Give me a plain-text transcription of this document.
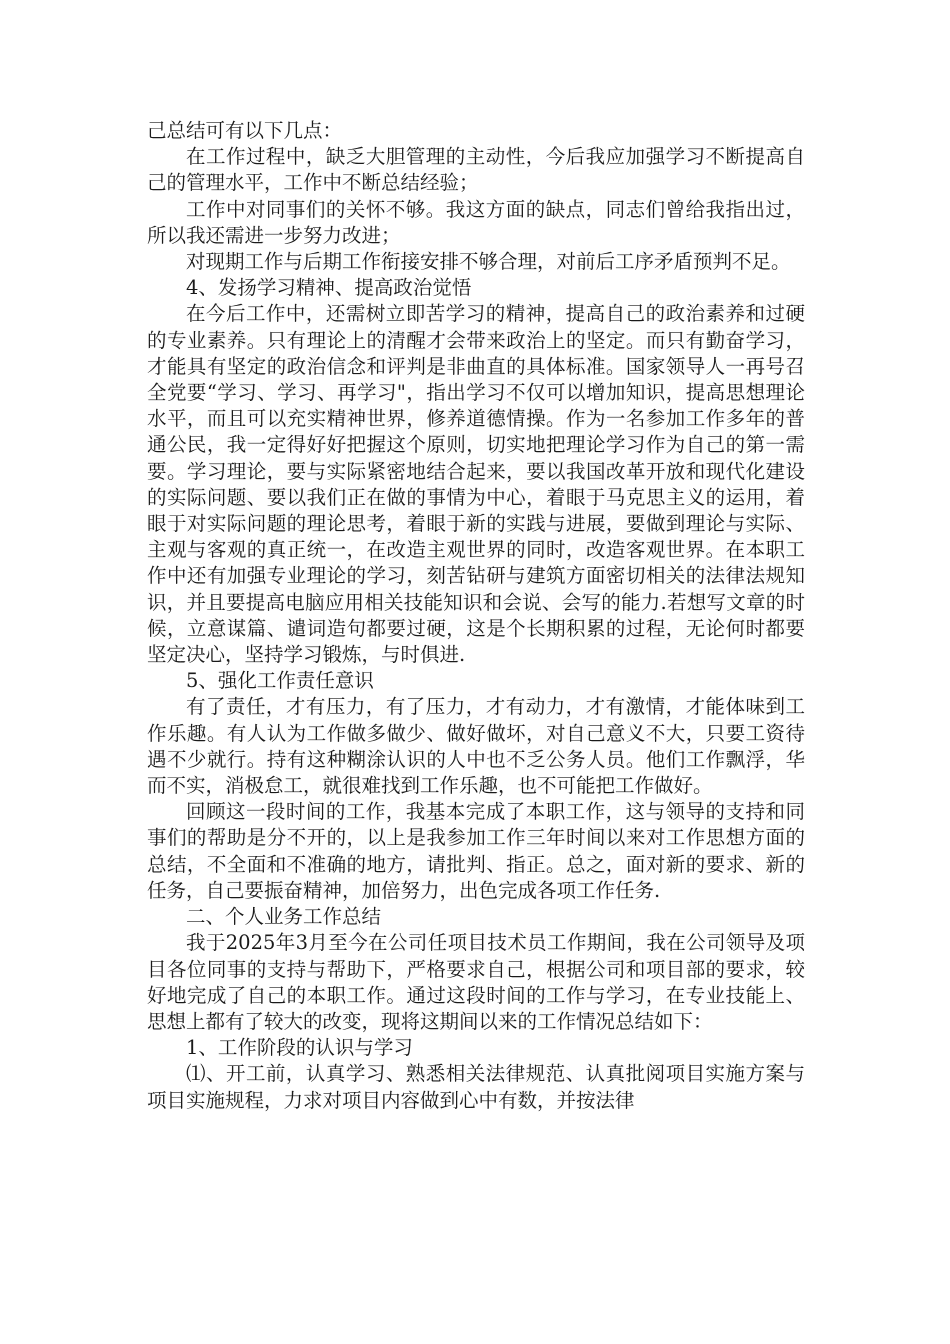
己总结可有以下几点：

在工作过程中，缺乏大胆管理的主动性，今后我应加强学习不断提高自己的管理水平，工作中不断总结经验；

工作中对同事们的关怀不够。我这方面的缺点，同志们曾给我指出过，所以我还需进一步努力改进；

对现期工作与后期工作衔接安排不够合理，对前后工序矛盾预判不足。

4、发扬学习精神、提高政治觉悟

在今后工作中，还需树立即苦学习的精神，提高自己的政治素养和过硬的专业素养。只有理论上的清醒才会带来政治上的坚定。而只有勤奋学习，才能具有坚定的政治信念和评判是非曲直的具体标准。国家领导人一再号召全党要“学习、学习、再学习"，指出学习不仅可以增加知识，提高思想理论水平，而且可以充实精神世界，修养道德情操。作为一名参加工作多年的普通公民，我一定得好好把握这个原则，切实地把理论学习作为自己的第一需要。学习理论，要与实际紧密地结合起来，要以我国改革开放和现代化建设的实际问题、要以我们正在做的事情为中心，着眼于马克思主义的运用，着眼于对实际问题的理论思考，着眼于新的实践与进展，要做到理论与实际、主观与客观的真正统一，在改造主观世界的同时，改造客观世界。在本职工作中还有加强专业理论的学习，刻苦钻研与建筑方面密切相关的法律法规知识，并且要提高电脑应用相关技能知识和会说、会写的能力.若想写文章的时候，立意谋篇、谴词造句都要过硬，这是个长期积累的过程，无论何时都要坚定决心，坚持学习锻炼，与时俱进.

5、强化工作责任意识

有了责任，才有压力，有了压力，才有动力，才有激情，才能体味到工作乐趣。有人认为工作做多做少、做好做坏，对自己意义不大，只要工资待遇不少就行。持有这种糊涂认识的人中也不乏公务人员。他们工作飘浮，华而不实，消极怠工，就很难找到工作乐趣，也不可能把工作做好。

回顾这一段时间的工作，我基本完成了本职工作，这与领导的支持和同事们的帮助是分不开的，以上是我参加工作三年时间以来对工作思想方面的总结，不全面和不准确的地方，请批判、指正。总之，面对新的要求、新的任务，自己要振奋精神，加倍努力，出色完成各项工作任务.

二、个人业务工作总结

我于2025年3月至今在公司任项目技术员工作期间，我在公司领导及项目各位同事的支持与帮助下，严格要求自己，根据公司和项目部的要求，较好地完成了自己的本职工作。通过这段时间的工作与学习，在专业技能上、思想上都有了较大的改变，现将这期间以来的工作情况总结如下：

1、工作阶段的认识与学习

⑴、开工前，认真学习、熟悉相关法律规范、认真批阅项目实施方案与项目实施规程，力求对项目内容做到心中有数，并按法律
